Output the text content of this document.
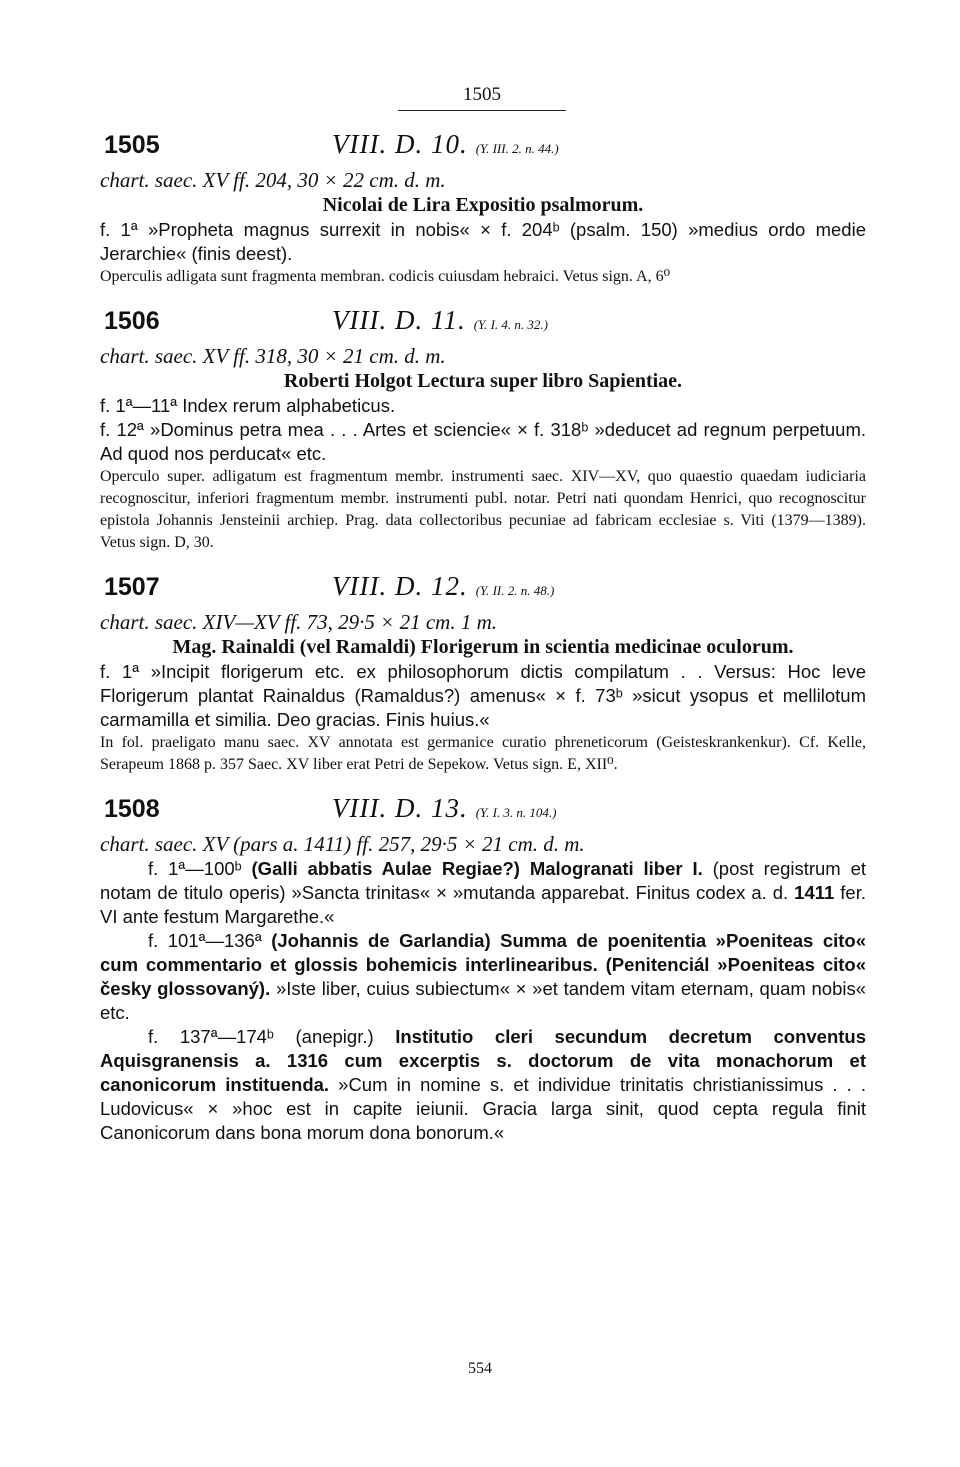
1505
1505	VIII. D. 10. (Y. III. 2. n. 44.)
chart. saec. XV ff. 204, 30 × 22 cm. d. m.
Nicolai de Lira Expositio psalmorum.
f. 1ª »Propheta magnus surrexit in nobis« × f. 204ᵇ (psalm. 150) »medius ordo medie Jerarchie« (finis deest).
Operculis adligata sunt fragmenta membran. codicis cuiusdam hebraici. Vetus sign. A, 6⁰
1506	VIII. D. 11. (Y. I. 4. n. 32.)
chart. saec. XV ff. 318, 30 × 21 cm. d. m.
Roberti Holgot Lectura super libro Sapientiae.
f. 1ª—11ª Index rerum alphabeticus.
f. 12ª »Dominus petra mea . . . Artes et sciencie« × f. 318ᵇ »deducet ad regnum perpetuum. Ad quod nos perducat« etc.
Operculo super. adligatum est fragmentum membr. instrumenti saec. XIV—XV, quo quaestio quaedam iudiciaria recognoscitur, inferiori fragmentum membr. instrumenti publ. notar. Petri nati quondam Henrici, quo recognoscitur epistola Johannis Jensteinii archiep. Prag. data collectoribus pecuniae ad fabricam ecclesiae s. Viti (1379—1389). Vetus sign. D, 30.
1507	VIII. D. 12. (Y. II. 2. n. 48.)
chart. saec. XIV—XV ff. 73, 29·5 × 21 cm. 1 m.
Mag. Rainaldi (vel Ramaldi) Florigerum in scientia medicinae oculorum.
f. 1ª »Incipit florigerum etc. ex philosophorum dictis compilatum . . Versus: Hoc leve Florigerum plantat Rainaldus (Ramaldus?) amenus« × f. 73ᵇ »sicut ysopus et mellilotum carmamilla et similia. Deo gracias. Finis huius.«
In fol. praeligato manu saec. XV annotata est germanice curatio phreneticorum (Geisteskrankenkur). Cf. Kelle, Serapeum 1868 p. 357 Saec. XV liber erat Petri de Sepekow. Vetus sign. E, XII⁰.
1508	VIII. D. 13. (Y. I. 3. n. 104.)
chart. saec. XV (pars a. 1411) ff. 257, 29·5 × 21 cm. d. m.
f. 1ª—100ᵇ (Galli abbatis Aulae Regiae?) Malogranati liber I. (post registrum et notam de titulo operis) »Sancta trinitas« × »mutanda apparebat. Finitus codex a. d. 1411 fer. VI ante festum Margarethe.«
f. 101ª—136ª (Johannis de Garlandia) Summa de poenitentia »Poeniteas cito« cum commentario et glossis bohemicis interlinearibus. (Penitenciál »Poeniteas cito« česky glossovaný). »Iste liber, cuius subiectum« × »et tandem vitam eternam, quam nobis« etc.
f. 137ª—174ᵇ (anepigr.) Institutio cleri secundum decretum conventus Aquisgranensis a. 1316 cum excerptis s. doctorum de vita monachorum et canonicorum instituenda. »Cum in nomine s. et individue trinitatis christianissimus . . . Ludovicus« × »hoc est in capite ieiunii. Gracia larga sinit, quod cepta regula finit Canonicorum dans bona morum dona bonorum.«
554
